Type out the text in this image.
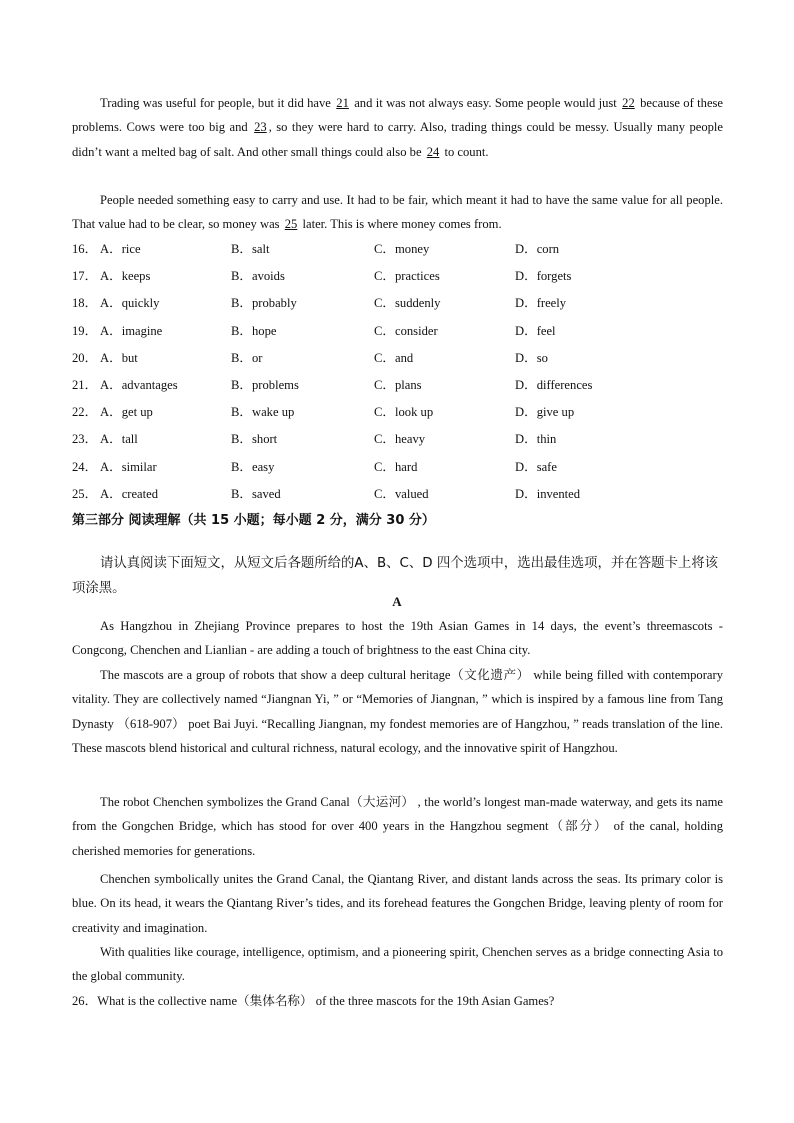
Trading was useful for people, but it did have 21 and it was not always easy. Some people would just 22 because of these problems. Cows were too big and 23 , so they were hard to carry. Also, trading things could be messy. Usually many people didn’t want a melted bag of salt. And other small things could also be 24 to count.

People needed something easy to carry and use. It had to be fair, which meant it had to have the same value for all people. That value had to be clear, so money was 25 later. This is where money comes from.

16． A．rice	B．salt	C．money	D．corn
17． A．keeps	B．avoids	C．practices	D．forgets
18． A．quickly	B．probably	C．suddenly	D．freely
19． A．imagine	B．hope	C．consider	D．feel
20． A．but	B．or	C．and	D．so
21． A．advantages	B．problems	C．plans	D．differences
22． A．get up	B．wake up	C．look up	D．give up
23． A．tall	B．short	C．heavy	D．thin
24． A．similar	B．easy	C．hard	D．safe
25． A．created	B．saved	C．valued	D．invented
第三部分 阅读理解（共 15 小题；每小题 2 分，满分 30 分）

请认真阅读下面短文，从短文后各题所给的A、B、C、D 四个选项中，选出最佳选项，并在答题卡上将该项涂黑。

A

As Hangzhou in Zhejiang Province prepares to host the 19th Asian Games in 14 days, the event’s threemascots - Congcong, Chenchen and Lianlian - are adding a touch of brightness to the east China city.

The mascots are a group of robots that show a deep cultural heritage（文化遗产） while being filled with contemporary vitality. They are collectively named “Jiangnan Yi, ” or “Memories of Jiangnan, ” which is inspired by a famous line from Tang Dynasty （618-907） poet Bai Juyi. “Recalling Jiangnan, my fondest memories are of Hangzhou, ” reads translation of the line. These mascots blend historical and cultural richness, natural ecology, and the innovative spirit of Hangzhou.

The robot Chenchen symbolizes the Grand Canal（大运河） , the world’s longest man-made waterway, and gets its name from the Gongchen Bridge, which has stood for over 400 years in the Hangzhou segment（部分） of the canal, holding cherished memories for generations.

Chenchen symbolically unites the Grand Canal, the Qiantang River, and distant lands across the seas. Its primary color is blue. On its head, it wears the Qiantang River’s tides, and its forehead features the Gongchen Bridge, leaving plenty of room for creativity and imagination.

With qualities like courage, intelligence, optimism, and a pioneering spirit, Chenchen serves as a bridge connecting Asia to the global community.

26．What is the collective name（集体名称） of the three mascots for the 19th Asian Games?
